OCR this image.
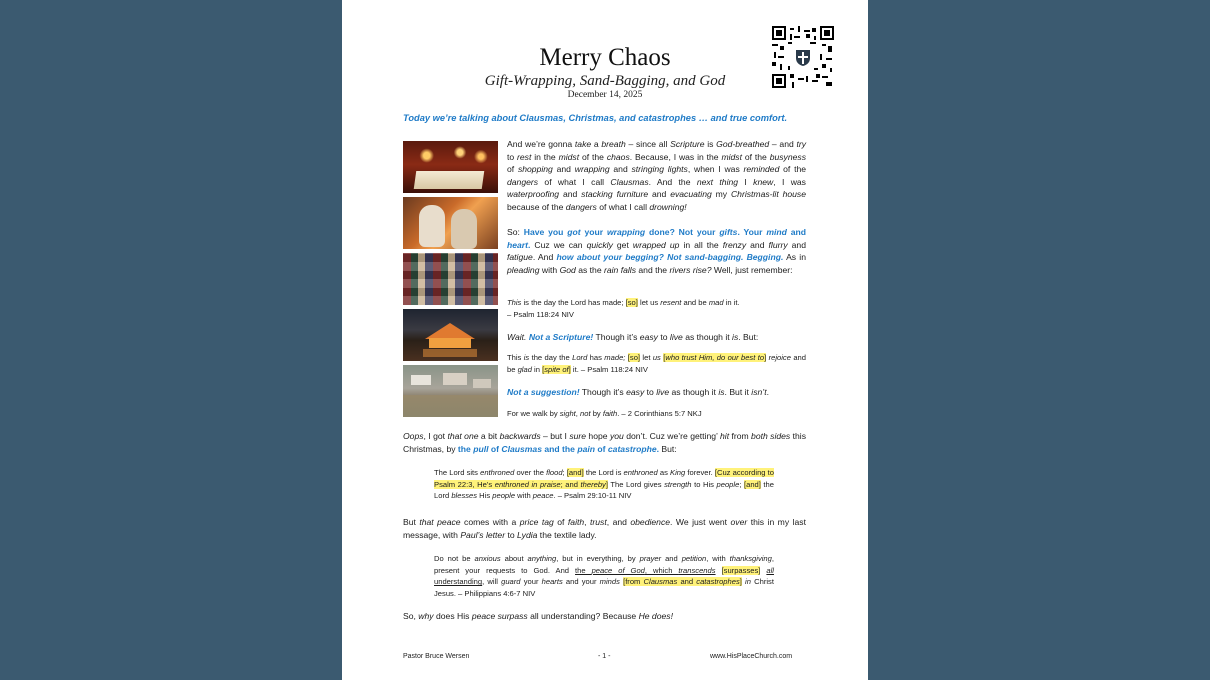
Merry Chaos
Gift-Wrapping, Sand-Bagging, and God
December 14, 2025
Today we’re talking about Clausmas, Christmas, and catastrophes … and true comfort.
And we’re gonna take a breath – since all Scripture is God-breathed – and try to rest in the midst of the chaos. Because, I was in the midst of the busyness of shopping and wrapping and stringing lights, when I was reminded of the dangers of what I call Clausmas. And the next thing I knew, I was waterproofing and stacking furniture and evacuating my Christmas-lit house because of the dangers of what I call drowning!
So: Have you got your wrapping done? Not your gifts. Your mind and heart. Cuz we can quickly get wrapped up in all the frenzy and flurry and fatigue. And how about your begging? Not sand-bagging. Begging. As in pleading with God as the rain falls and the rivers rise? Well, just remember:
This is the day the Lord has made; [so] let us resent and be mad in it.
– Psalm 118:24 NIV
Wait. Not a Scripture! Though it’s easy to live as though it is. But:
This is the day the Lord has made; [so] let us [who trust Him, do our best to] rejoice and be glad in [spite of] it. – Psalm 118:24 NIV
Not a suggestion! Though it’s easy to live as though it is. But it isn’t.
For we walk by sight, not by faith. – 2 Corinthians 5:7 NKJ
Oops, I got that one a bit backwards – but I sure hope you don’t. Cuz we’re getting’ hit from both sides this Christmas, by the pull of Clausmas and the pain of catastrophe. But:
The Lord sits enthroned over the flood; [and] the Lord is enthroned as King forever. [Cuz according to Psalm 22:3, He’s enthroned in praise; and thereby] The Lord gives strength to His people; [and] the Lord blesses His people with peace. – Psalm 29:10-11 NIV
But that peace comes with a price tag of faith, trust, and obedience. We just went over this in my last message, with Paul’s letter to Lydia the textile lady.
Do not be anxious about anything, but in everything, by prayer and petition, with thanksgiving, present your requests to God. And the peace of God, which transcends [surpasses] all understanding, will guard your hearts and your minds [from Clausmas and catastrophes] in Christ Jesus. – Philippians 4:6-7 NIV
So, why does His peace surpass all understanding? Because He does!
Pastor Bruce Wersen	- 1 -	www.HisPlaceChurch.com
